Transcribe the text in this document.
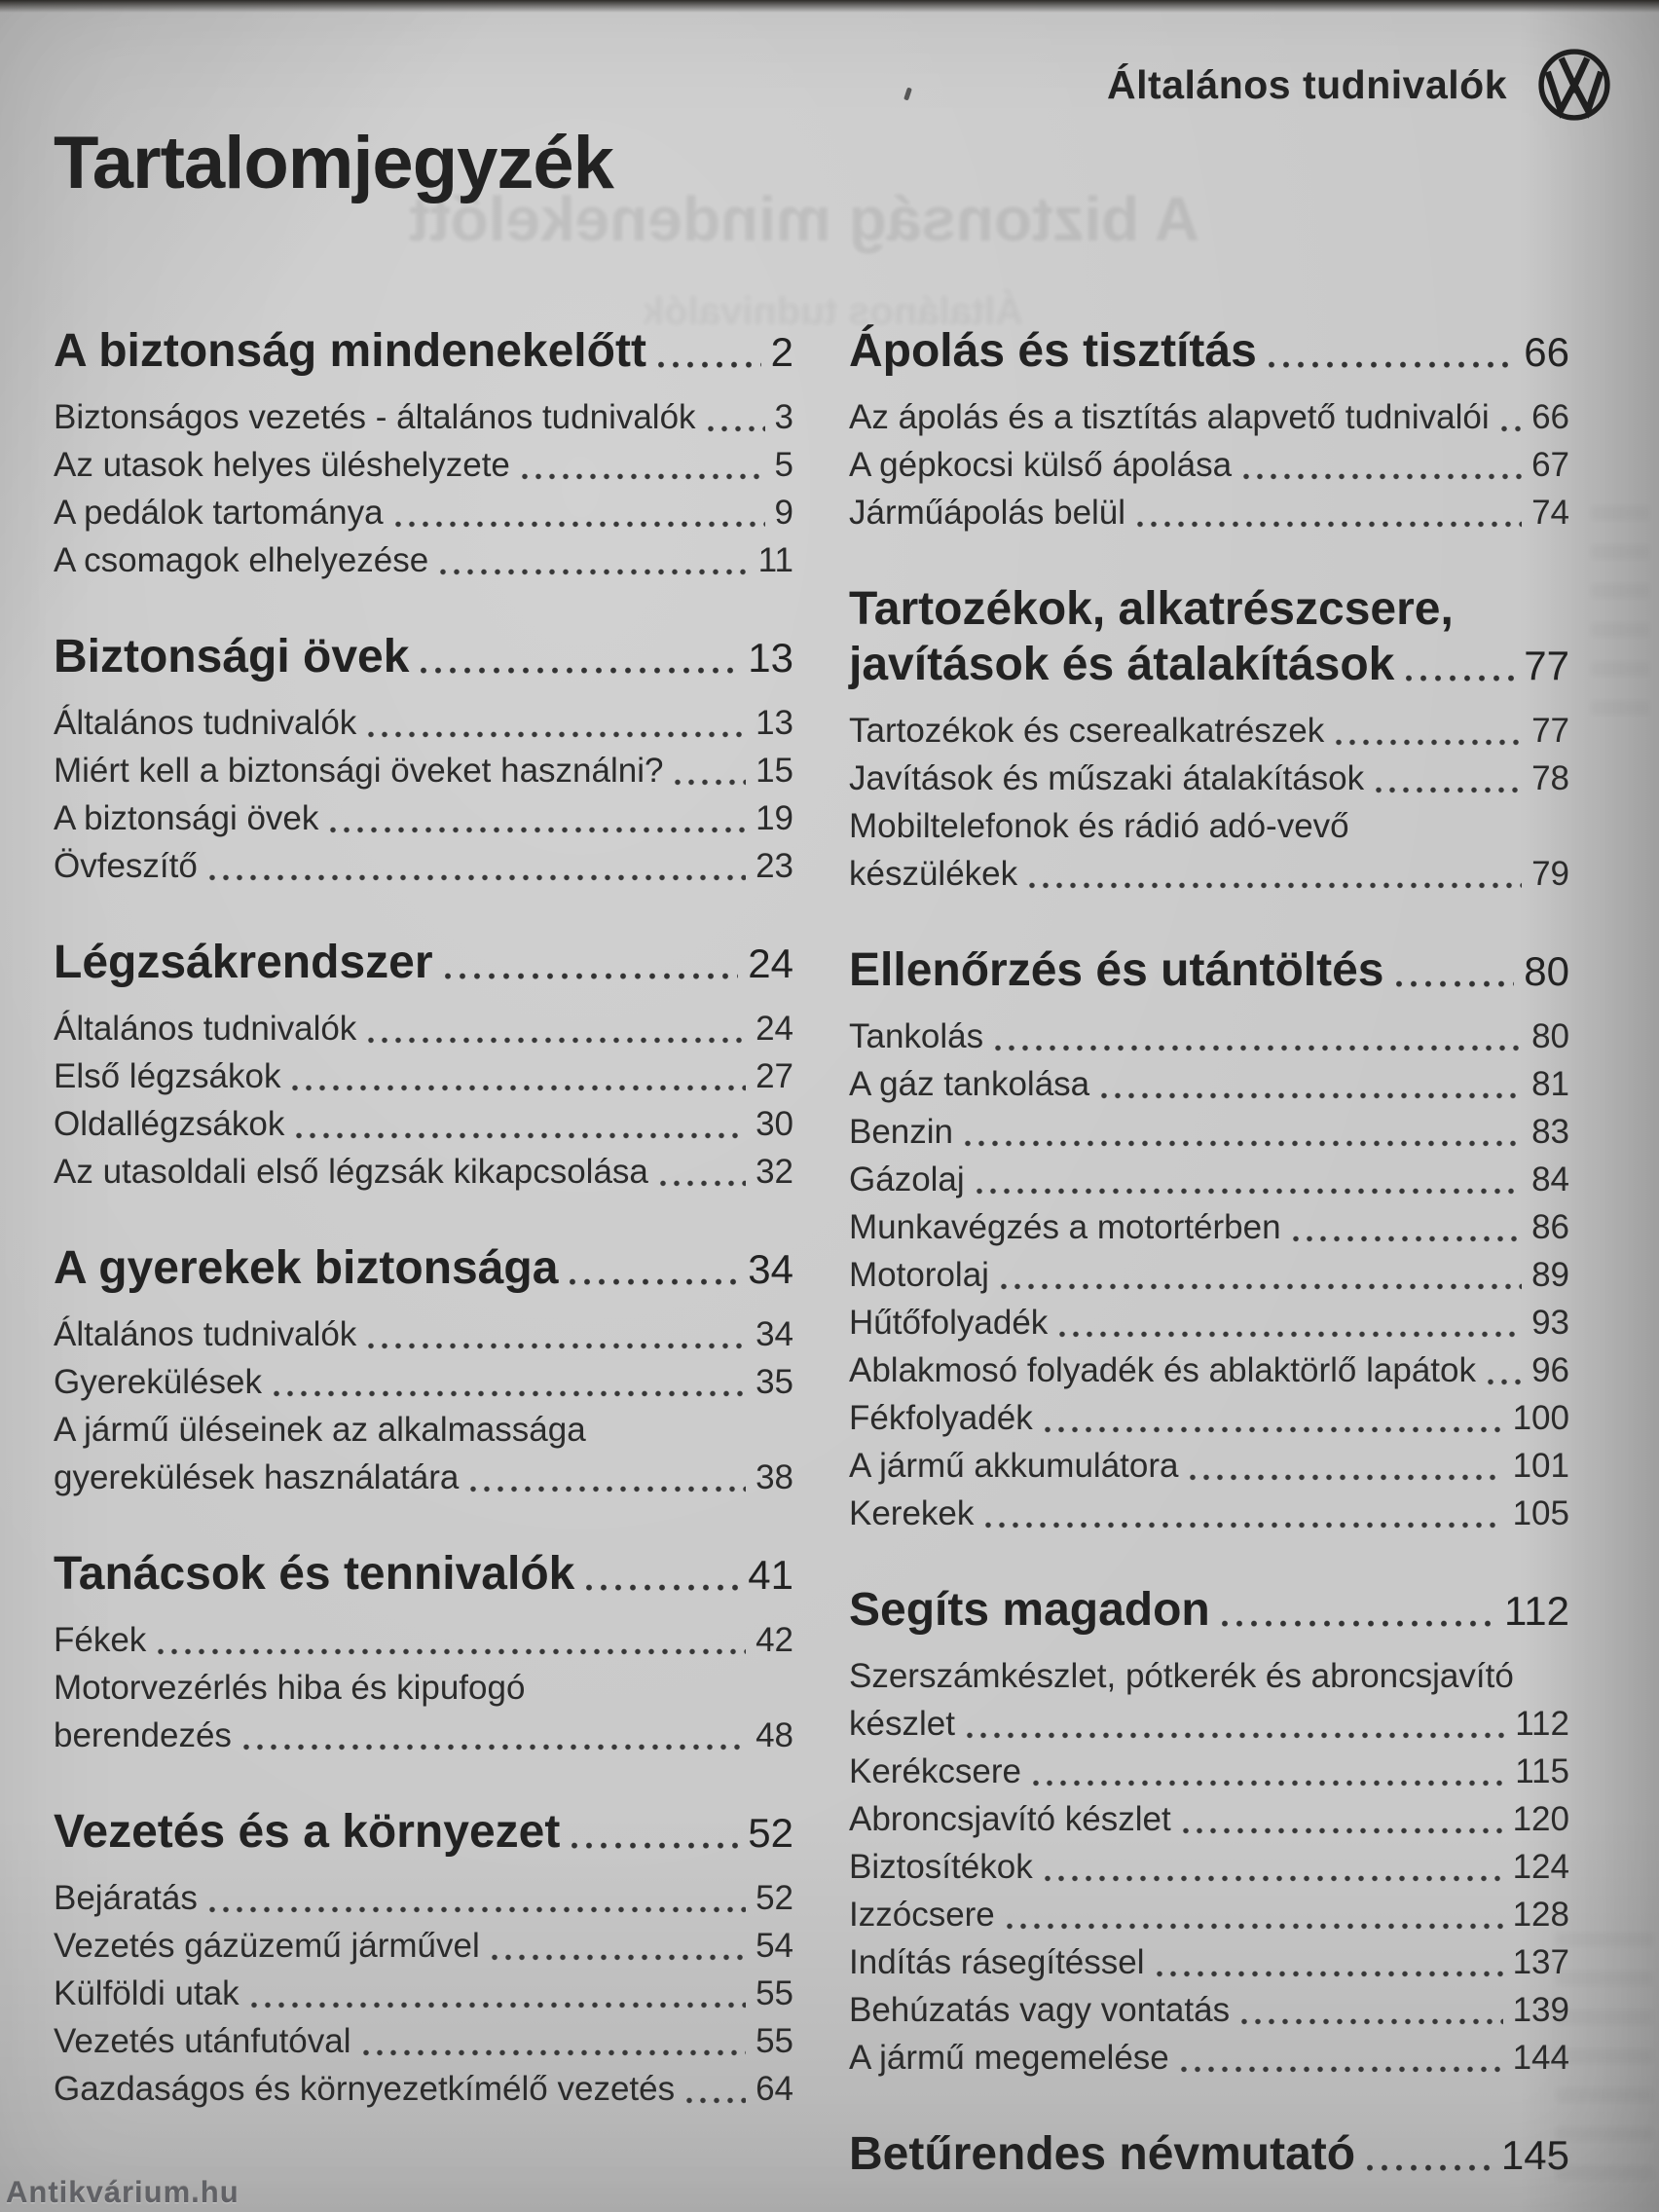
A biztonság mindenekelőtt
Általános tudnivalók
Tartalomjegyzék
A biztonság mindenekelőtt	2
Biztonságos vezetés - általános tudnivalók 3
Az utasok helyes üléshelyzete	5
A pedálok tartománya	9
A csomagok elhelyezése	11
Biztonsági övek	13
Általános tudnivalók	13
Miért kell a biztonsági öveket használni?	15
A biztonsági övek	19
Övfeszítő	23
Légzsákrendszer	24
Általános tudnivalók	24
Első légzsákok	27
Oldallégzsákok	30
Az utasoldali első légzsák kikapcsolása	32
A gyerekek biztonsága	34
Általános tudnivalók	34
Gyerekülések	35
A jármű üléseinek az alkalmassága
gyerekülések használatára	38
Tanácsok és tennivalók	41
Fékek	42
Motorvezérlés hiba és kipufogó
berendezés	48
Vezetés és a környezet	52
Bejáratás	52
Vezetés gázüzemű járművel	54
Külföldi utak	55
Vezetés utánfutóval	55
Gazdaságos és környezetkímélő vezetés 64
Ápolás és tisztítás	66
Az ápolás és a tisztítás alapvető tudnivalói 66
A gépkocsi külső ápolása	67
Járműápolás belül	74
Tartozékok, alkatrészcsere,
javítások és átalakítások	77
Tartozékok és cserealkatrészek	77
Javítások és műszaki átalakítások	78
Mobiltelefonok és rádió adó-vevő
készülékek	79
Ellenőrzés és utántöltés	80
Tankolás	80
A gáz tankolása	81
Benzin	83
Gázolaj	84
Munkavégzés a motortérben	86
Motorolaj	89
Hűtőfolyadék	93
Ablakmosó folyadék és ablaktörlő lapátok 96
Fékfolyadék	100
A jármű akkumulátora	101
Kerekek	105
Segíts magadon	112
Szerszámkészlet, pótkerék és abroncsjavító
készlet	112
Kerékcsere	115
Abroncsjavító készlet	120
Biztosítékok	124
Izzócsere	128
Indítás rásegítéssel	137
Behúzatás vagy vontatás	139
A jármű megemelése	144
Betűrendes névmutató	145
Antikvárium.hu
